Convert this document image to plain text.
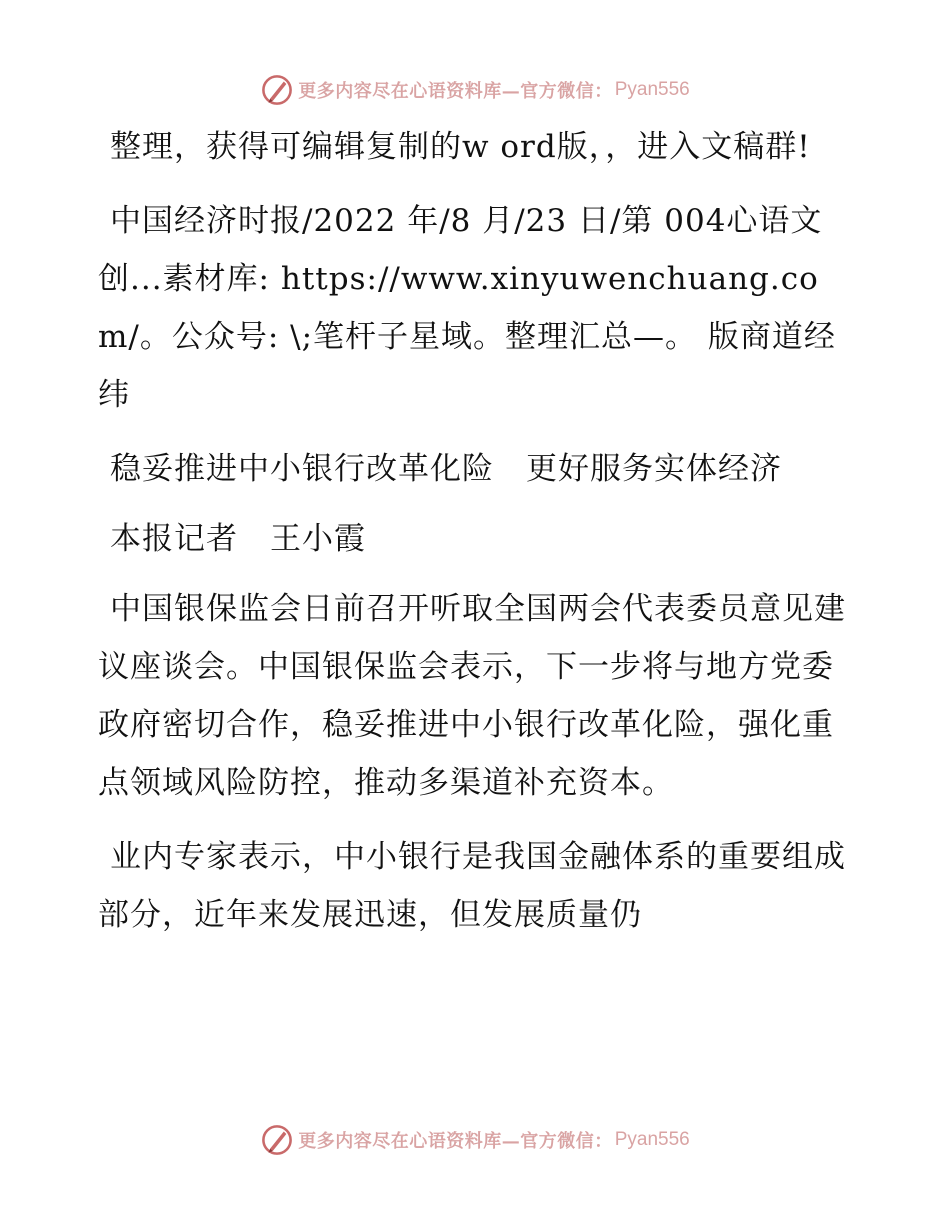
更多内容尽在心语资料库—官方微信： Pyan556

整理，获得可编辑复制的w ord版，，进入文稿群!

中国经济时报/2022 年/8 月/23 日/第 004心语文创...素材库: https://www.xinyuwenchuang.com/。公众号: \;笔杆子星域。整理汇总—。 版商道经纬

稳妥推进中小银行改革化险　更好服务实体经济

本报记者　王小霞

中国银保监会日前召开听取全国两会代表委员意见建议座谈会。中国银保监会表示，下一步将与地方党委政府密切合作，稳妥推进中小银行改革化险，强化重点领域风险防控，推动多渠道补充资本。

业内专家表示，中小银行是我国金融体系的重要组成部分，近年来发展迅速，但发展质量仍

更多内容尽在心语资料库—官方微信： Pyan556
